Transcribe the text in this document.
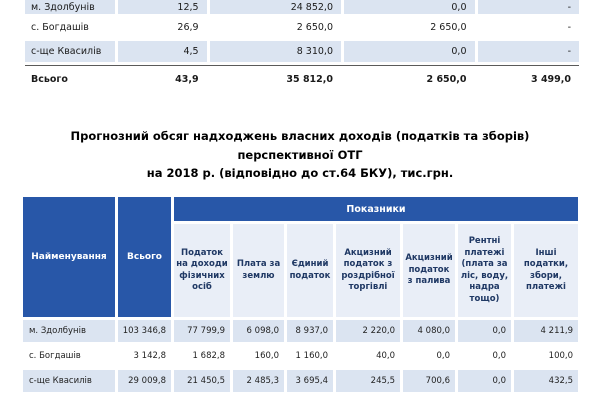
м. Здолбунів	12,5	24 852,0	0,0	-
с. Богдашів	26,9	2 650,0	2 650,0	-
с-ще Квасилів	4,5	8 310,0	0,0	-
Всього	43,9	35 812,0	2 650,0	3 499,0
Прогнозний обсяг надходжень власних доходів (податків та зборів)
перспективної ОТГ
на 2018 р. (відповідно до ст.64 БКУ), тис.грн.
Найменування	Всього
Показники
Податок на доходи фізичних осіб
Плата за землю
Єдиний податок
Акцизний податок з роздрібної торгівлі
Акцизний податок з палива
Рентні платежі (плата за ліс, воду, надра тощо)
Інші податки, збори, платежі
м. Здолбунів	103 346,8	77 799,9	6 098,0	8 937,0	2 220,0	4 080,0	0,0	4 211,9
с. Богдашів	3 142,8	1 682,8	160,0	1 160,0	40,0	0,0	0,0	100,0
с-ще Квасилів	29 009,8	21 450,5	2 485,3	3 695,4	245,5	700,6	0,0	432,5
